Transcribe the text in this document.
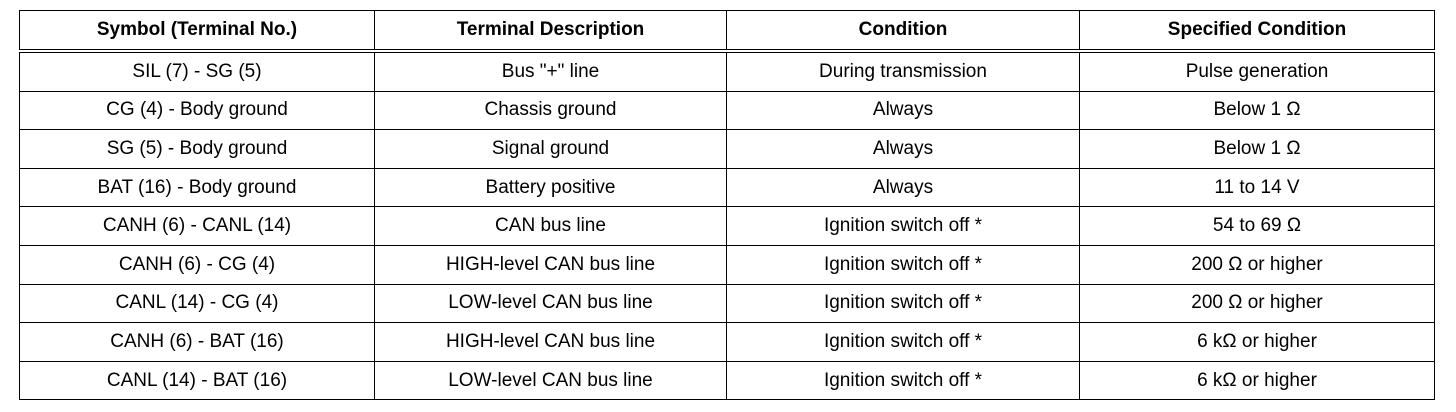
Symbol (Terminal No.)	Terminal Description	Condition	Specified Condition
SIL (7) - SG (5)	Bus "+" line	During transmission	Pulse generation
CG (4) - Body ground	Chassis ground	Always	Below 1 Ω
SG (5) - Body ground	Signal ground	Always	Below 1 Ω
BAT (16) - Body ground	Battery positive	Always	11 to 14 V
CANH (6) - CANL (14)	CAN bus line	Ignition switch off *	54 to 69 Ω
CANH (6) - CG (4)	HIGH-level CAN bus line	Ignition switch off *	200 Ω or higher
CANL (14) - CG (4)	LOW-level CAN bus line	Ignition switch off *	200 Ω or higher
CANH (6) - BAT (16)	HIGH-level CAN bus line	Ignition switch off *	6 kΩ or higher
CANL (14) - BAT (16)	LOW-level CAN bus line	Ignition switch off *	6 kΩ or higher
